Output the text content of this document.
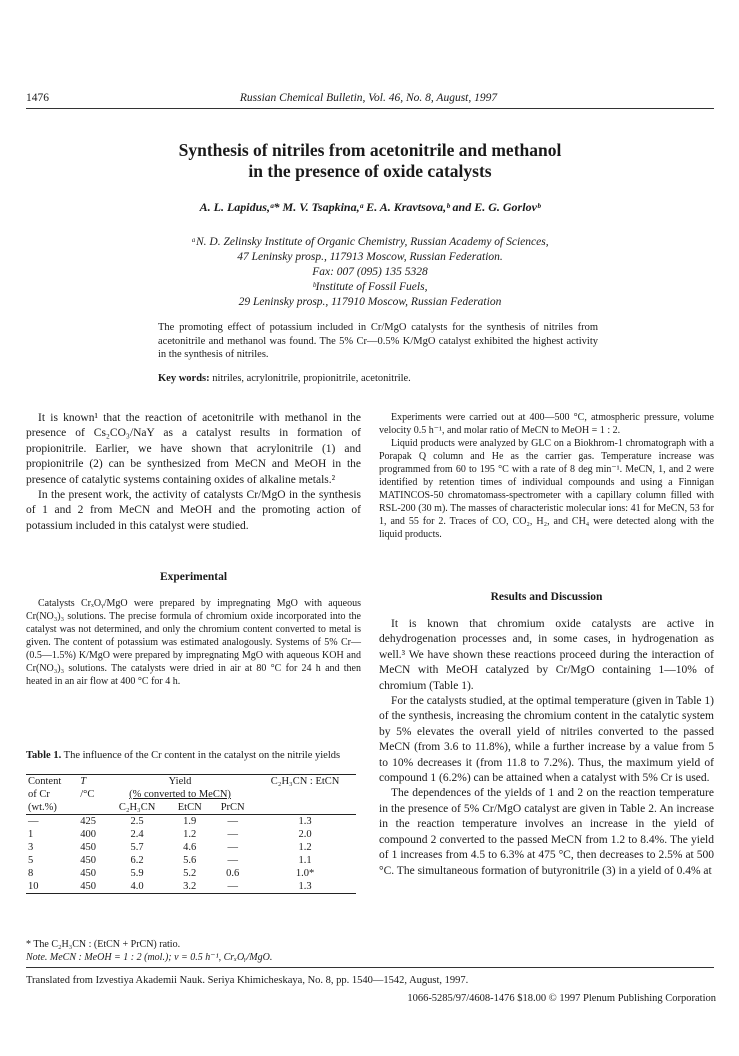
1476	Russian Chemical Bulletin, Vol. 46, No. 8, August, 1997
Synthesis of nitriles from acetonitrile and methanol
in the presence of oxide catalysts
A. L. Lapidus,ᵃ* M. V. Tsapkina,ᵃ E. A. Kravtsova,ᵇ and E. G. Gorlovᵇ
ᵃN. D. Zelinsky Institute of Organic Chemistry, Russian Academy of Sciences,
47 Leninsky prosp., 117913 Moscow, Russian Federation.
Fax: 007 (095) 135 5328
ᵇInstitute of Fossil Fuels,
29 Leninsky prosp., 117910 Moscow, Russian Federation
The promoting effect of potassium included in Cr/MgO catalysts for the synthesis of nitriles from acetonitrile and methanol was found. The 5% Cr—0.5% K/MgO catalyst exhibited the highest activity in the synthesis of nitriles.
Key words: nitriles, acrylonitrile, propionitrile, acetonitrile.

It is known¹ that the reaction of acetonitrile with methanol in the presence of Cs₂CO₃/NaY as a catalyst results in formation of propionitrile. Earlier, we have shown that acrylonitrile (1) and propionitrile (2) can be synthesized from MeCN and MeOH in the presence of catalytic systems containing oxides of alkaline metals.²

In the present work, the activity of catalysts Cr/MgO in the synthesis of 1 and 2 from MeCN and MeOH and the promoting action of potassium included in this catalyst were studied.

Experimental

Catalysts CrₓOᵧ/MgO were prepared by impregnating MgO with aqueous Cr(NO₃)₃ solutions. The precise formula of chromium oxide incorporated into the catalyst was not determined, and only the chromium content converted to metal is given. The content of potassium was estimated analogously. Systems of 5% Cr—(0.5—1.5%) K/MgO were prepared by impregnating MgO with aqueous KOH and Cr(NO₃)₃ solutions. The catalysts were dried in air at 80 °C for 24 h and then heated in an air flow at 400 °C for 4 h.

Table 1. The influence of the Cr content in the catalyst on the nitrile yields
Content	T	Yield			C₂H₃CN : EtCN
of Cr	/°C	(% converted to MeCN)			
(wt.%)		C₂H₃CN	EtCN	PrCN	
—	425	2.5	1.9	—	1.3
1	400	2.4	1.2	—	2.0
3	450	5.7	4.6	—	1.2
5	450	6.2	5.6	—	1.1
8	450	5.9	5.2	0.6	1.0*
10	450	4.0	3.2	—	1.3
* The C₂H₃CN : (EtCN + PrCN) ratio.
Note. MeCN : MeOH = 1 : 2 (mol.); v = 0.5 h⁻¹, CrₓOᵧ/MgO.

Experiments were carried out at 400—500 °C, atmospheric pressure, volume velocity 0.5 h⁻¹, and molar ratio of MeCN to MeOH = 1 : 2.

Liquid products were analyzed by GLC on a Biokhrom-1 chromatograph with a Porapak Q column and He as the carrier gas. Temperature increase was programmed from 60 to 195 °C with a rate of 8 deg min⁻¹. MeCN, 1, and 2 were identified by retention times of individual compounds and using a Finnigan MATINCOS-50 chromatomass-spectrometer with a capillary column filled with RSL-200 (30 m). The masses of characteristic molecular ions: 41 for MeCN, 53 for 1, and 55 for 2. Traces of CO, CO₂, H₂, and CH₄ were detected along with the liquid products.

Results and Discussion

It is known that chromium oxide catalysts are active in dehydrogenation processes and, in some cases, in hydrogenation as well.³ We have shown these reactions proceed during the interaction of MeCN with MeOH catalyzed by Cr/MgO containing 1—10% of chromium (Table 1).

For the catalysts studied, at the optimal temperature (given in Table 1) of the synthesis, increasing the chromium content in the catalytic system by 5% elevates the overall yield of nitriles converted to the passed MeCN (from 3.6 to 11.8%), while a further increase by a value from 5 to 10% decreases it (from 11.8 to 7.2%). Thus, the maximum yield of compound 1 (6.2%) can be attained when a catalyst with 5% Cr is used.

The dependences of the yields of 1 and 2 on the reaction temperature in the presence of 5% Cr/MgO catalyst are given in Table 2. An increase in the reaction temperature involves an increase in the yield of compound 2 converted to the passed MeCN from 1.2 to 8.4%. The yield of 1 increases from 4.5 to 6.3% at 475 °C, then decreases to 2.5% at 500 °C. The simultaneous formation of butyronitrile (3) in a yield of 0.4% at

Translated from Izvestiya Akademii Nauk. Seriya Khimicheskaya, No. 8, pp. 1540—1542, August, 1997.
1066-5285/97/4608-1476 $18.00 © 1997 Plenum Publishing Corporation
